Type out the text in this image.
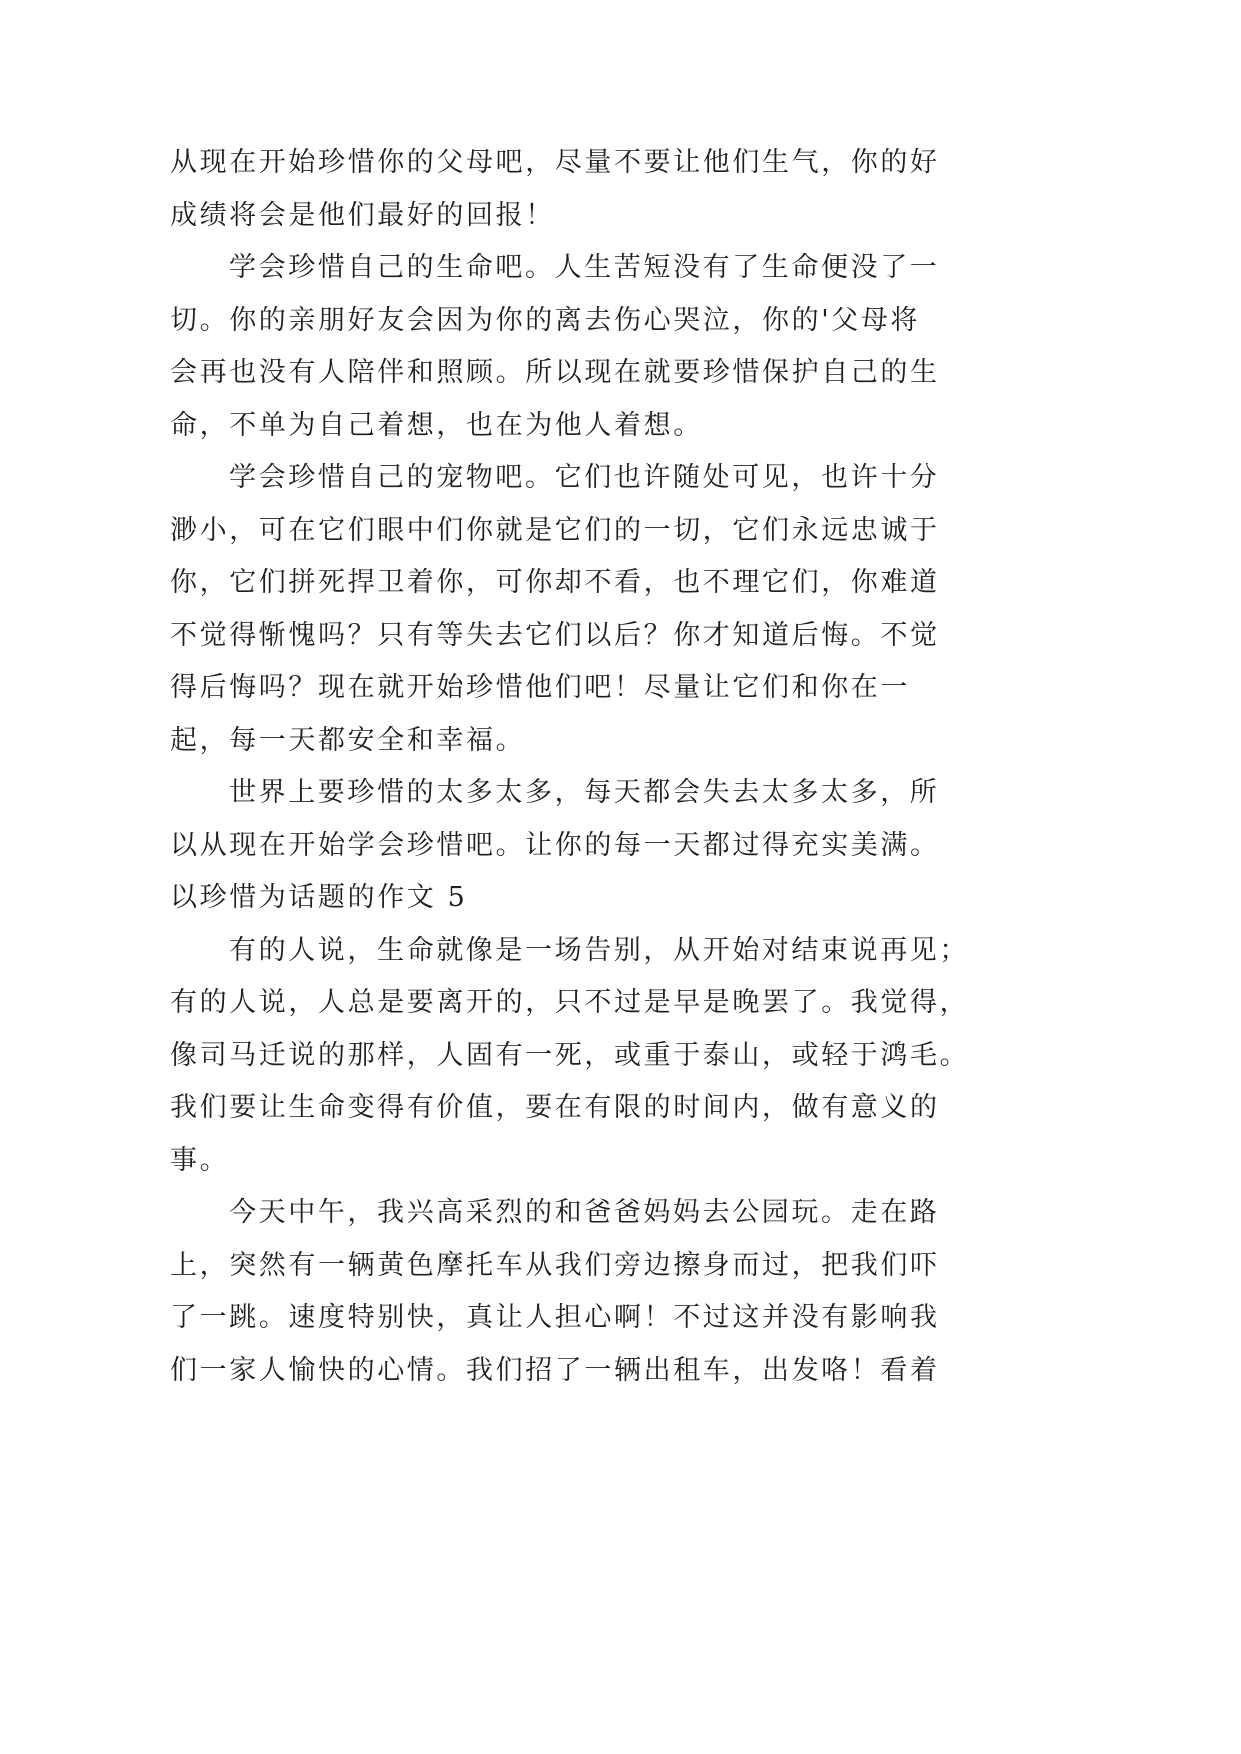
从现在开始珍惜你的父母吧，尽量不要让他们生气，你的好
成绩将会是他们最好的回报！
学会珍惜自己的生命吧。人生苦短没有了生命便没了一
切。你的亲朋好友会因为你的离去伤心哭泣，你的'父母将
会再也没有人陪伴和照顾。所以现在就要珍惜保护自己的生
命，不单为自己着想，也在为他人着想。
学会珍惜自己的宠物吧。它们也许随处可见，也许十分
渺小，可在它们眼中们你就是它们的一切，它们永远忠诚于
你，它们拼死捍卫着你，可你却不看，也不理它们，你难道
不觉得惭愧吗？只有等失去它们以后？你才知道后悔。不觉
得后悔吗？现在就开始珍惜他们吧！尽量让它们和你在一
起，每一天都安全和幸福。
世界上要珍惜的太多太多，每天都会失去太多太多，所
以从现在开始学会珍惜吧。让你的每一天都过得充实美满。
以珍惜为话题的作文 5
有的人说，生命就像是一场告别，从开始对结束说再见；
有的人说，人总是要离开的，只不过是早是晚罢了。我觉得，
像司马迁说的那样，人固有一死，或重于泰山，或轻于鸿毛。
我们要让生命变得有价值，要在有限的时间内，做有意义的
事。
今天中午，我兴高采烈的和爸爸妈妈去公园玩。走在路
上，突然有一辆黄色摩托车从我们旁边擦身而过，把我们吓
了一跳。速度特别快，真让人担心啊！不过这并没有影响我
们一家人愉快的心情。我们招了一辆出租车，出发咯！看着
